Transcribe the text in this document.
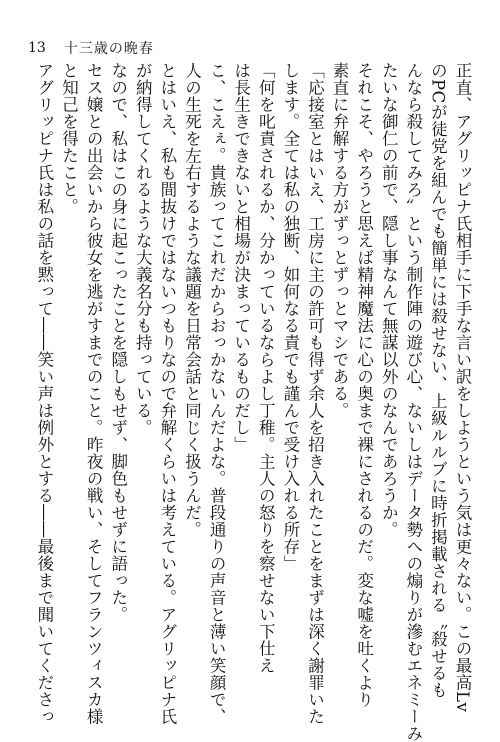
13 十三歳の晩春
正直、アグリッピナ氏相手に下手な言い訳をしようという気は更々ない。この最高Lv
のPCが徒党を組んでも簡単には殺せない、上級ルルブに時折掲載される〝殺せるも
んなら殺してみろ〟という制作陣の遊び心、ないしはデータ勢への煽りが滲むエネミーみ
たいな御仁の前で、隠し事なんて無謀以外のなんであろうか。
それこそ、やろうと思えば精神魔法に心の奥まで裸にされるのだ。変な嘘を吐くより
素直に弁解する方がずっとずっとマシである。
「応接室とはいえ、工房に主の許可も得ず余人を招き入れたことをまずは深く謝罪いた
します。全ては私の独断、如何なる責でも謹んで受け入れる所存」
「何を叱責されるか、分かっているならよし丁稚。主人の怒りを察せない下仕え
は長生きできないと相場が決まっているものだし」
こ、こえぇ。貴族ってこれだからおっかないんだよな。普段通りの声音と薄い笑顔で、
人の生死を左右するような議題を日常会話と同じく扱うんだ。
とはいえ、私も間抜けではないつもりなので弁解くらいは考えている。アグリッピナ氏
が納得してくれるような大義名分も持っている。
なので、私はこの身に起こったことを隠しもせず、脚色もせずに語った。
セス嬢との出会いから彼女を逃がすまでのこと。昨夜の戦い、そしてフランツィスカ様
と知己を得たこと。
アグリッピナ氏は私の話を黙って――笑い声は例外とする――最後まで聞いてくださっ
